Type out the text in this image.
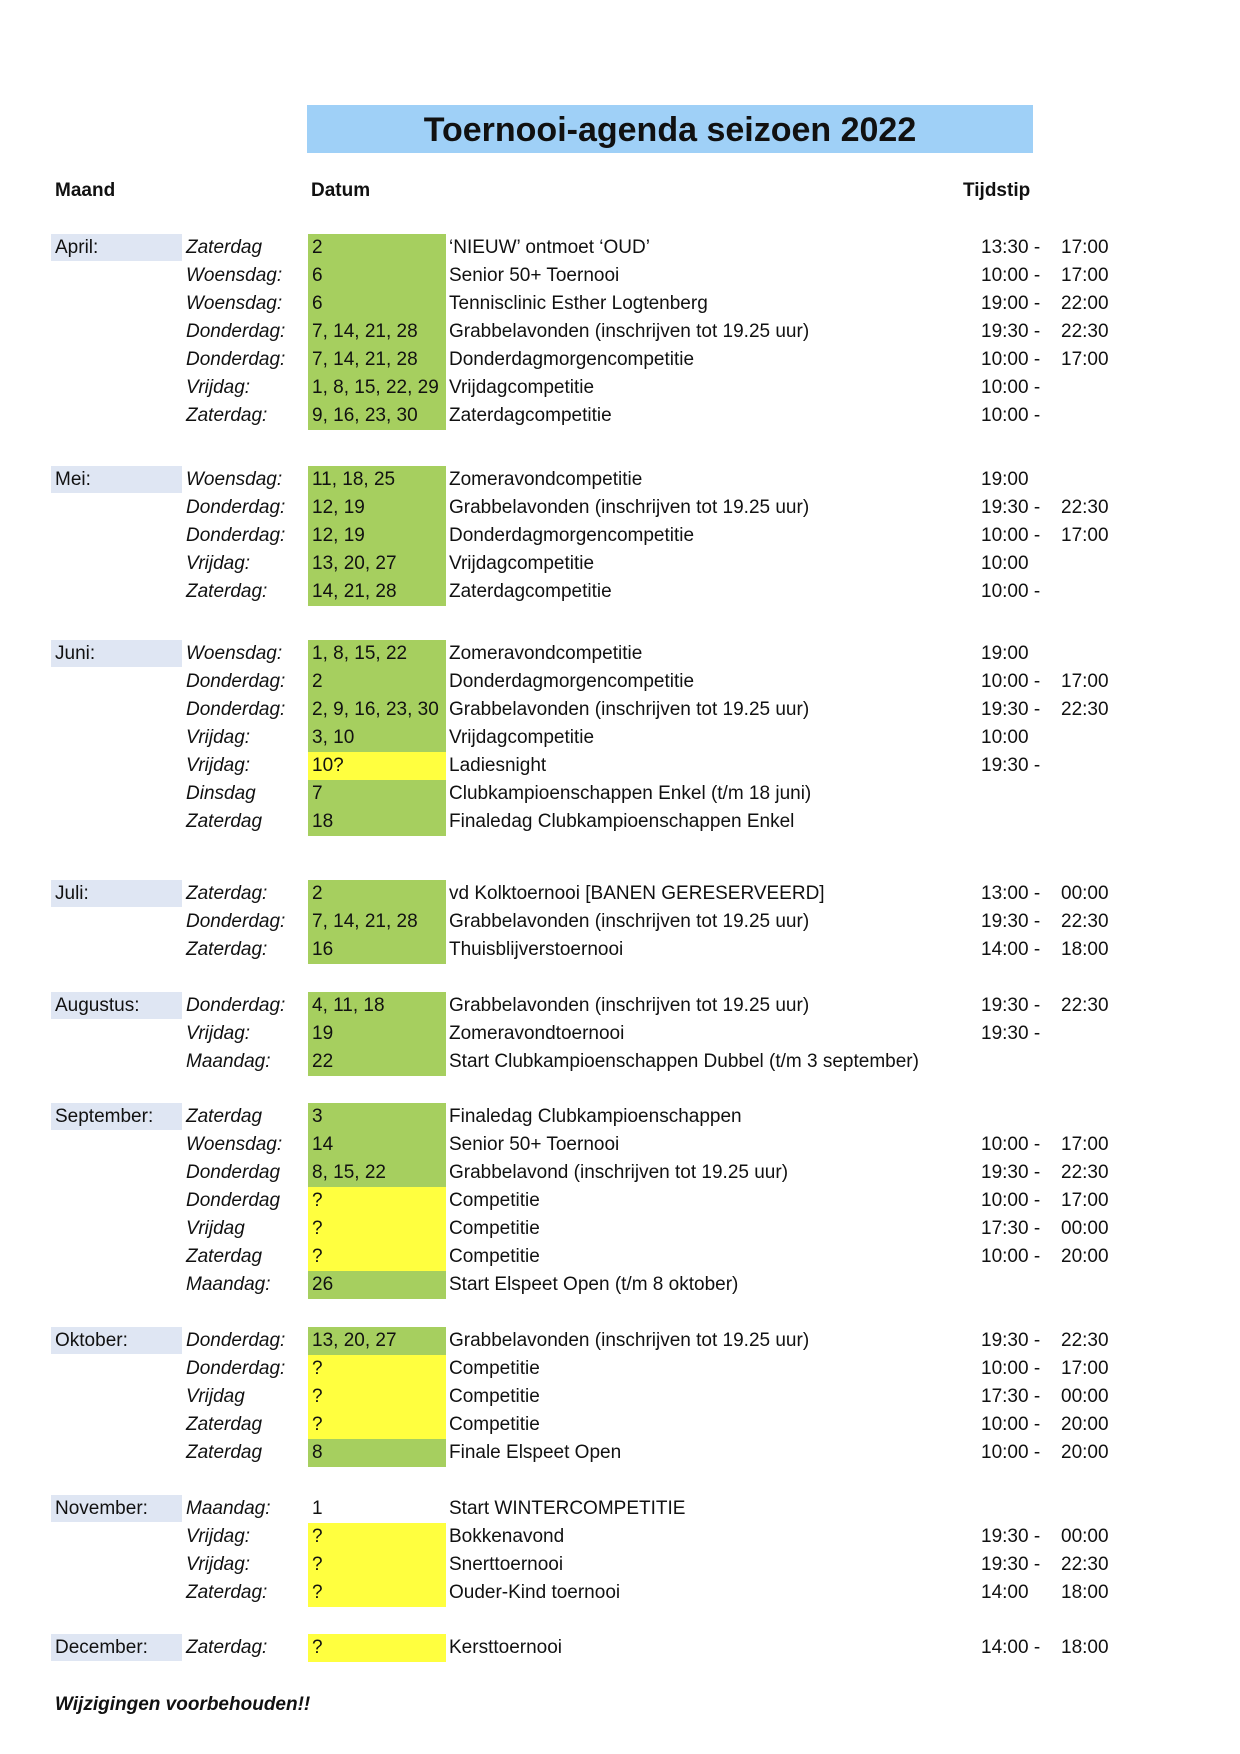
Toernooi-agenda seizoen 2022
Maand	Datum	Tijdstip
April:	Zaterdag	2	‘NIEUW’ ontmoet ‘OUD’	13:30 - 17:00
Woensdag: 6	Senior 50+ Toernooi	10:00 - 17:00
Woensdag: 6	Tennisclinic Esther Logtenberg	19:00 - 22:00
Donderdag: 7, 14, 21, 28	Grabbelavonden (inschrijven tot 19.25 uur)	19:30 - 22:30
Donderdag: 7, 14, 21, 28	Donderdagmorgencompetitie	10:00 - 17:00
Vrijdag:	1, 8, 15, 22, 29 Vrijdagcompetitie	10:00 -
Zaterdag: 9, 16, 23, 30	Zaterdagcompetitie	10:00 -
Mei:	Woensdag: 11, 18, 25	Zomeravondcompetitie	19:00
Donderdag: 12, 19	Grabbelavonden (inschrijven tot 19.25 uur)	19:30 - 22:30
Donderdag: 12, 19	Donderdagmorgencompetitie	10:00 - 17:00
Vrijdag:	13, 20, 27	Vrijdagcompetitie	10:00
Zaterdag: 14, 21, 28	Zaterdagcompetitie	10:00 -
Juni:	Woensdag: 1, 8, 15, 22	Zomeravondcompetitie	19:00
Donderdag: 2	Donderdagmorgencompetitie	10:00 - 17:00
Donderdag: 2, 9, 16, 23, 30 Grabbelavonden (inschrijven tot 19.25 uur)	19:30 - 22:30
Vrijdag:	3, 10	Vrijdagcompetitie	10:00
Vrijdag:	10?	Ladiesnight	19:30 -
Dinsdag	7	Clubkampioenschappen Enkel (t/m 18 juni)
Zaterdag	18	Finaledag Clubkampioenschappen Enkel
Juli:	Zaterdag: 2	vd Kolktoernooi [BANEN GERESERVEERD]	13:00 - 00:00
Donderdag: 7, 14, 21, 28	Grabbelavonden (inschrijven tot 19.25 uur)	19:30 - 22:30
Zaterdag: 16	Thuisblijverstoernooi	14:00 - 18:00
Augustus: Donderdag: 4, 11, 18	Grabbelavonden (inschrijven tot 19.25 uur)	19:30 - 22:30
Vrijdag:	19	Zomeravondtoernooi	19:30 -
Maandag: 22	Start Clubkampioenschappen Dubbel (t/m 3 september)
September: Zaterdag	3	Finaledag Clubkampioenschappen
Woensdag: 14	Senior 50+ Toernooi	10:00 - 17:00
Donderdag 8, 15, 22	Grabbelavond (inschrijven tot 19.25 uur)	19:30 - 22:30
Donderdag ?	Competitie	10:00 - 17:00
Vrijdag	?	Competitie	17:30 - 00:00
Zaterdag	?	Competitie	10:00 - 20:00
Maandag: 26	Start Elspeet Open (t/m 8 oktober)
Oktober:	Donderdag: 13, 20, 27	Grabbelavonden (inschrijven tot 19.25 uur)	19:30 - 22:30
Donderdag: ?	Competitie	10:00 - 17:00
Vrijdag	?	Competitie	17:30 - 00:00
Zaterdag	?	Competitie	10:00 - 20:00
Zaterdag	8	Finale Elspeet Open	10:00 - 20:00
November: Maandag: 1	Start WINTERCOMPETITIE
Vrijdag:	?	Bokkenavond	19:30 - 00:00
Vrijdag:	?	Snerttoernooi	19:30 - 22:30
Zaterdag: ?	Ouder-Kind toernooi	14:00 18:00
December: Zaterdag: ?	Kersttoernooi	14:00 - 18:00
Wijzigingen voorbehouden!!
